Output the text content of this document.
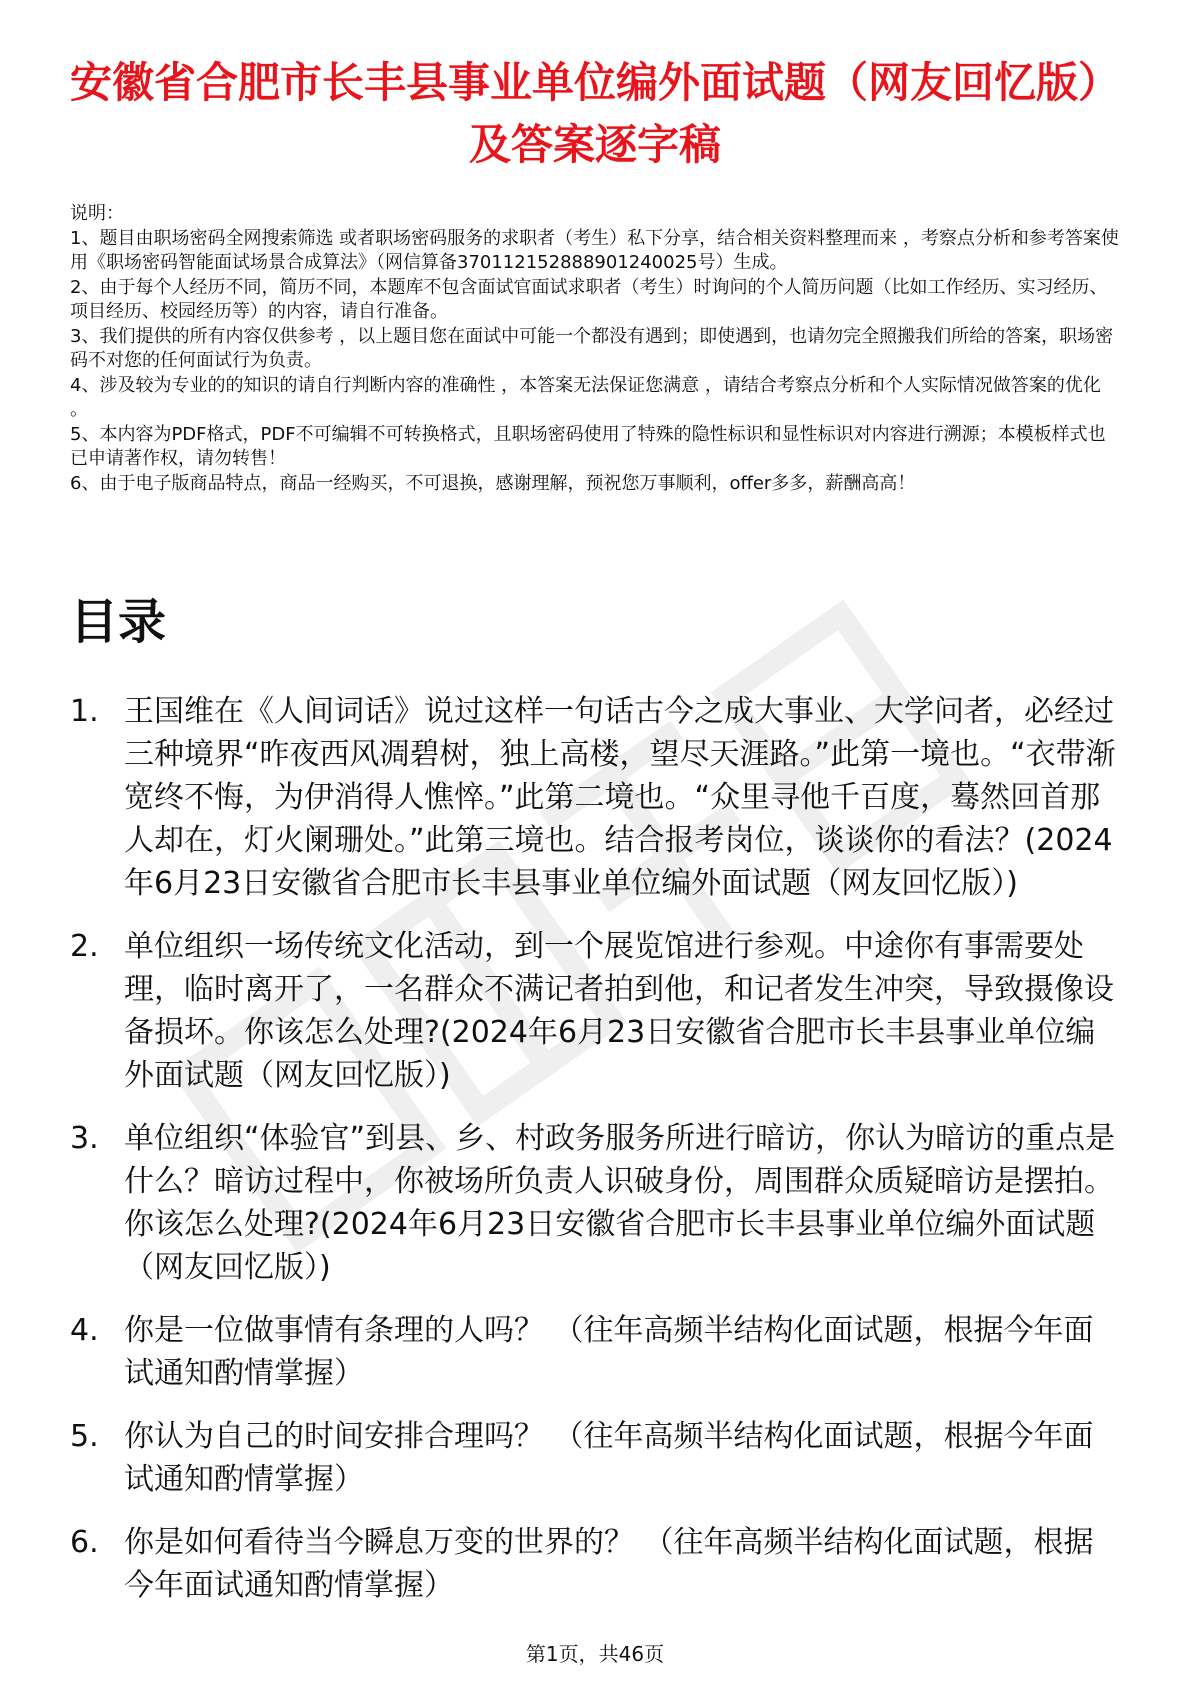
安徽省合肥市长丰县事业单位编外面试题（网友回忆版）及答案逐字稿
说明：
1、题目由职场密码全网搜索筛选 或者职场密码服务的求职者（考生）私下分享，结合相关资料整理而来 ，考察点分析和参考答案使用《职场密码智能面试场景合成算法》（网信算备370112152888901240025号）生成。
2、由于每个人经历不同，简历不同，本题库不包含面试官面试求职者（考生）时询问的个人简历问题（比如工作经历、实习经历、项目经历、校园经历等）的内容，请自行准备。
3、我们提供的所有内容仅供参考 ，以上题目您在面试中可能一个都没有遇到；即使遇到，也请勿完全照搬我们所给的答案，职场密码不对您的任何面试行为负责。
4、涉及较为专业的的知识的请自行判断内容的准确性 ，本答案无法保证您满意 ，请结合考察点分析和个人实际情况做答案的优化 。
5、本内容为PDF格式，PDF不可编辑不可转换格式，且职场密码使用了特殊的隐性标识和显性标识对内容进行溯源；本模板样式也已申请著作权，请勿转售！
6、由于电子版商品特点，商品一经购买，不可退换，感谢理解，预祝您万事顺利，offer多多，薪酬高高！
目录
1. 王国维在《人间词话》说过这样一句话古今之成大事业、大学问者，必经过三种境界“昨夜西风凋碧树，独上高楼，望尽天涯路。”此第一境也。“衣带渐宽终不悔，为伊消得人憔悴。”此第二境也。“众里寻他千百度，蓦然回首那人却在，灯火阑珊处。”此第三境也。结合报考岗位，谈谈你的看法？(2024年6月23日安徽省合肥市长丰县事业单位编外面试题（网友回忆版）)
2. 单位组织一场传统文化活动，到一个展览馆进行参观。中途你有事需要处理，临时离开了，一名群众不满记者拍到他，和记者发生冲突，导致摄像设备损坏。你该怎么处理?(2024年6月23日安徽省合肥市长丰县事业单位编外面试题（网友回忆版）)
3. 单位组织“体验官”到县、乡、村政务服务所进行暗访，你认为暗访的重点是什么？暗访过程中，你被场所负责人识破身份，周围群众质疑暗访是摆拍。你该怎么处理?(2024年6月23日安徽省合肥市长丰县事业单位编外面试题（网友回忆版）)
4. 你是一位做事情有条理的人吗？ （往年高频半结构化面试题，根据今年面试通知酌情掌握）
5. 你认为自己的时间安排合理吗？ （往年高频半结构化面试题，根据今年面试通知酌情掌握）
6. 你是如何看待当今瞬息万变的世界的？ （往年高频半结构化面试题，根据今年面试通知酌情掌握）
第1页，共46页
